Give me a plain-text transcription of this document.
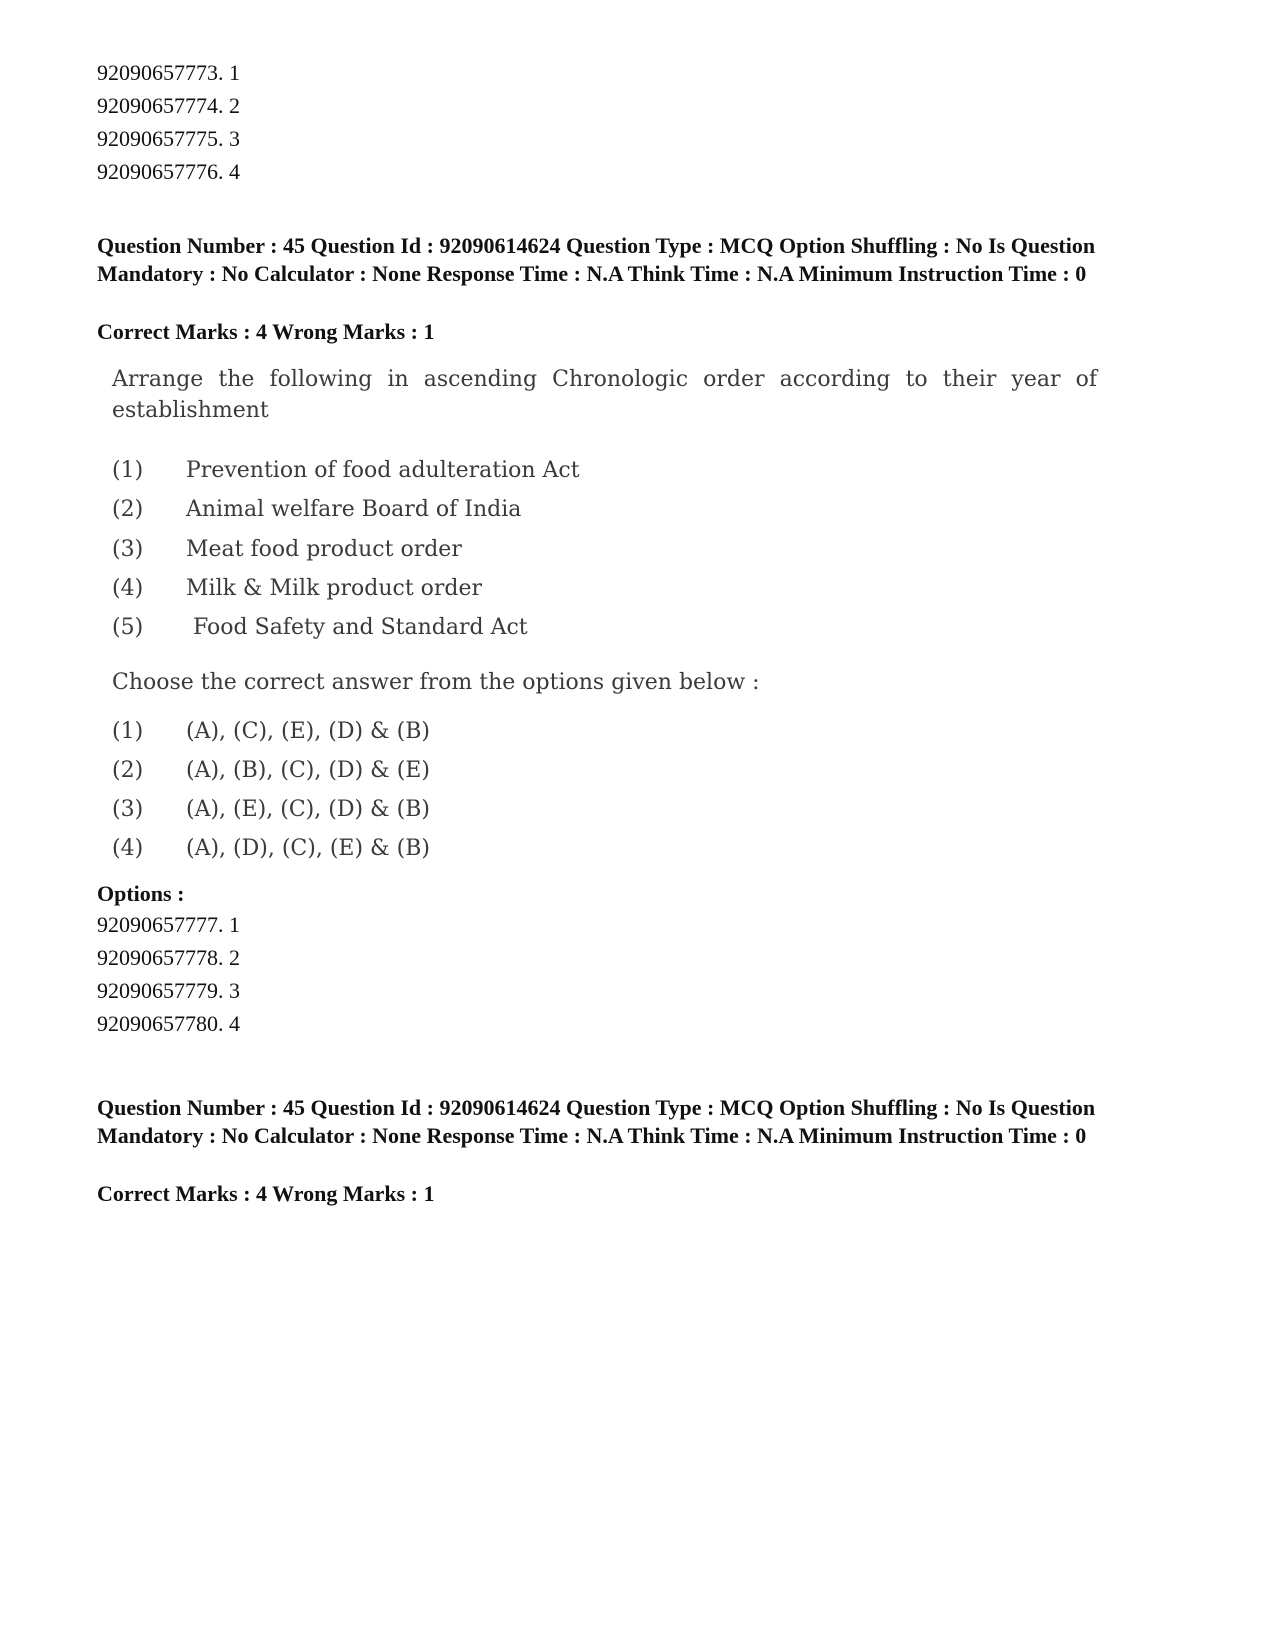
92090657773. 1
92090657774. 2
92090657775. 3
92090657776. 4
Question Number : 45 Question Id : 92090614624 Question Type : MCQ Option Shuffling : No Is Question Mandatory : No Calculator : None Response Time : N.A Think Time : N.A Minimum Instruction Time : 0
Correct Marks : 4 Wrong Marks : 1
Arrange the following in ascending Chronologic order according to their year of establishment
(1) Prevention of food adulteration Act
(2) Animal welfare Board of India
(3) Meat food product order
(4) Milk & Milk product order
(5) Food Safety and Standard Act
Choose the correct answer from the options given below :
(1) (A), (C), (E), (D) & (B)
(2) (A), (B), (C), (D) & (E)
(3) (A), (E), (C), (D) & (B)
(4) (A), (D), (C), (E) & (B)
Options :
92090657777. 1
92090657778. 2
92090657779. 3
92090657780. 4
Question Number : 45 Question Id : 92090614624 Question Type : MCQ Option Shuffling : No Is Question Mandatory : No Calculator : None Response Time : N.A Think Time : N.A Minimum Instruction Time : 0
Correct Marks : 4 Wrong Marks : 1
